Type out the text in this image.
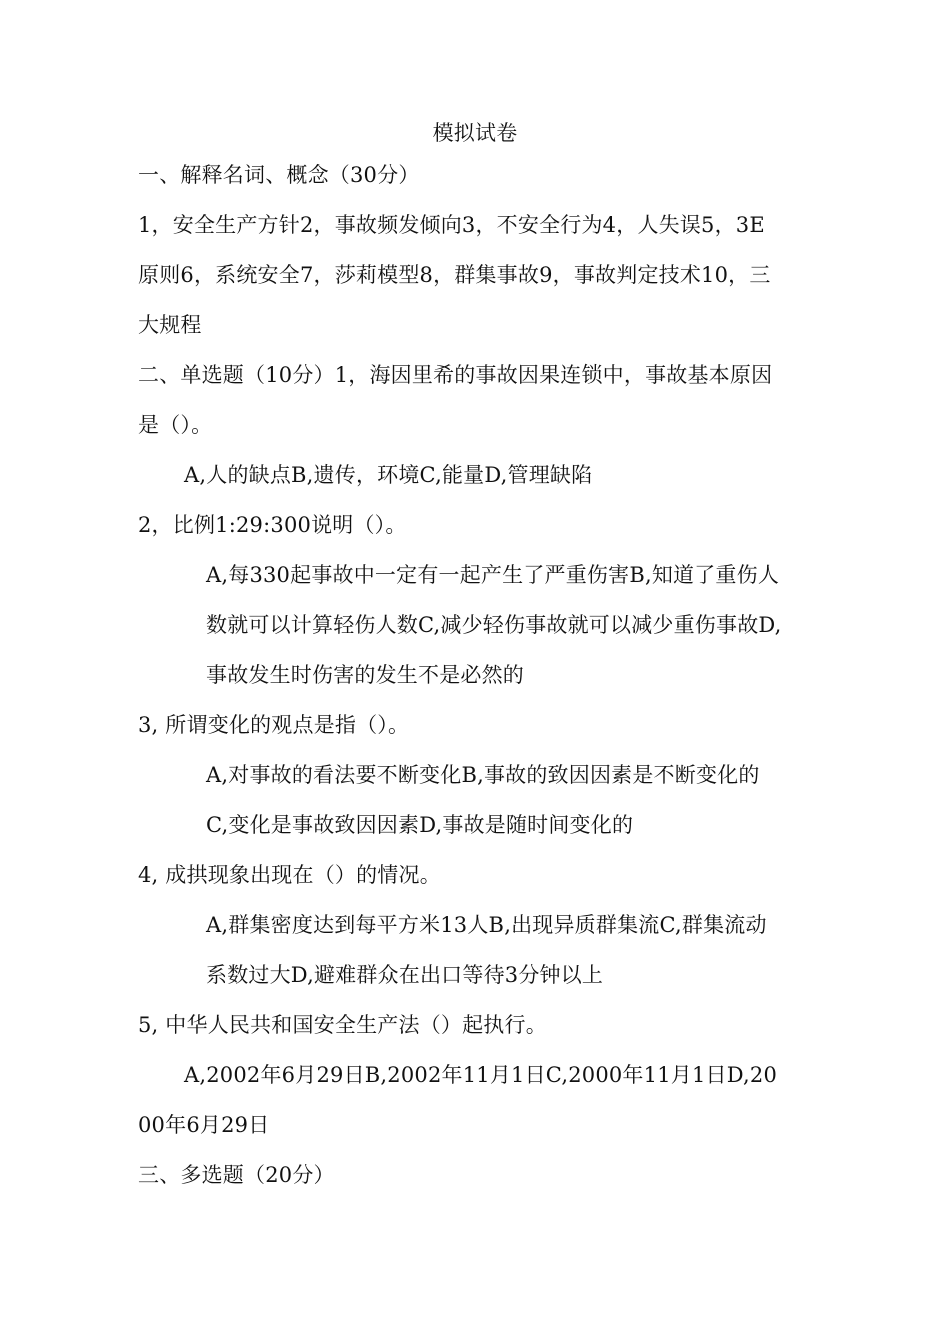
模拟试卷
一、解释名词、概念（30分）
1，安全生产方针2，事故频发倾向3，不安全行为4，人失误5，3E
原则6，系统安全7，莎莉模型8，群集事故9，事故判定技术10，三
大规程
二、单选题（10分）1，海因里希的事故因果连锁中，事故基本原因
是（）。
A,人的缺点B,遗传，环境C,能量D,管理缺陷
2，比例1:29:300说明（）。
A,每330起事故中一定有一起产生了严重伤害B,知道了重伤人
数就可以计算轻伤人数C,减少轻伤事故就可以减少重伤事故D,
事故发生时伤害的发生不是必然的
3, 所谓变化的观点是指（）。
A,对事故的看法要不断变化B,事故的致因因素是不断变化的
C,变化是事故致因因素D,事故是随时间变化的
4, 成拱现象出现在（）的情况。
A,群集密度达到每平方米13人B,出现异质群集流C,群集流动
系数过大D,避难群众在出口等待3分钟以上
5, 中华人民共和国安全生产法（）起执行。
A,2002年6月29日B,2002年11月1日C,2000年11月1日D,20
00年6月29日
三、多选题（20分）
